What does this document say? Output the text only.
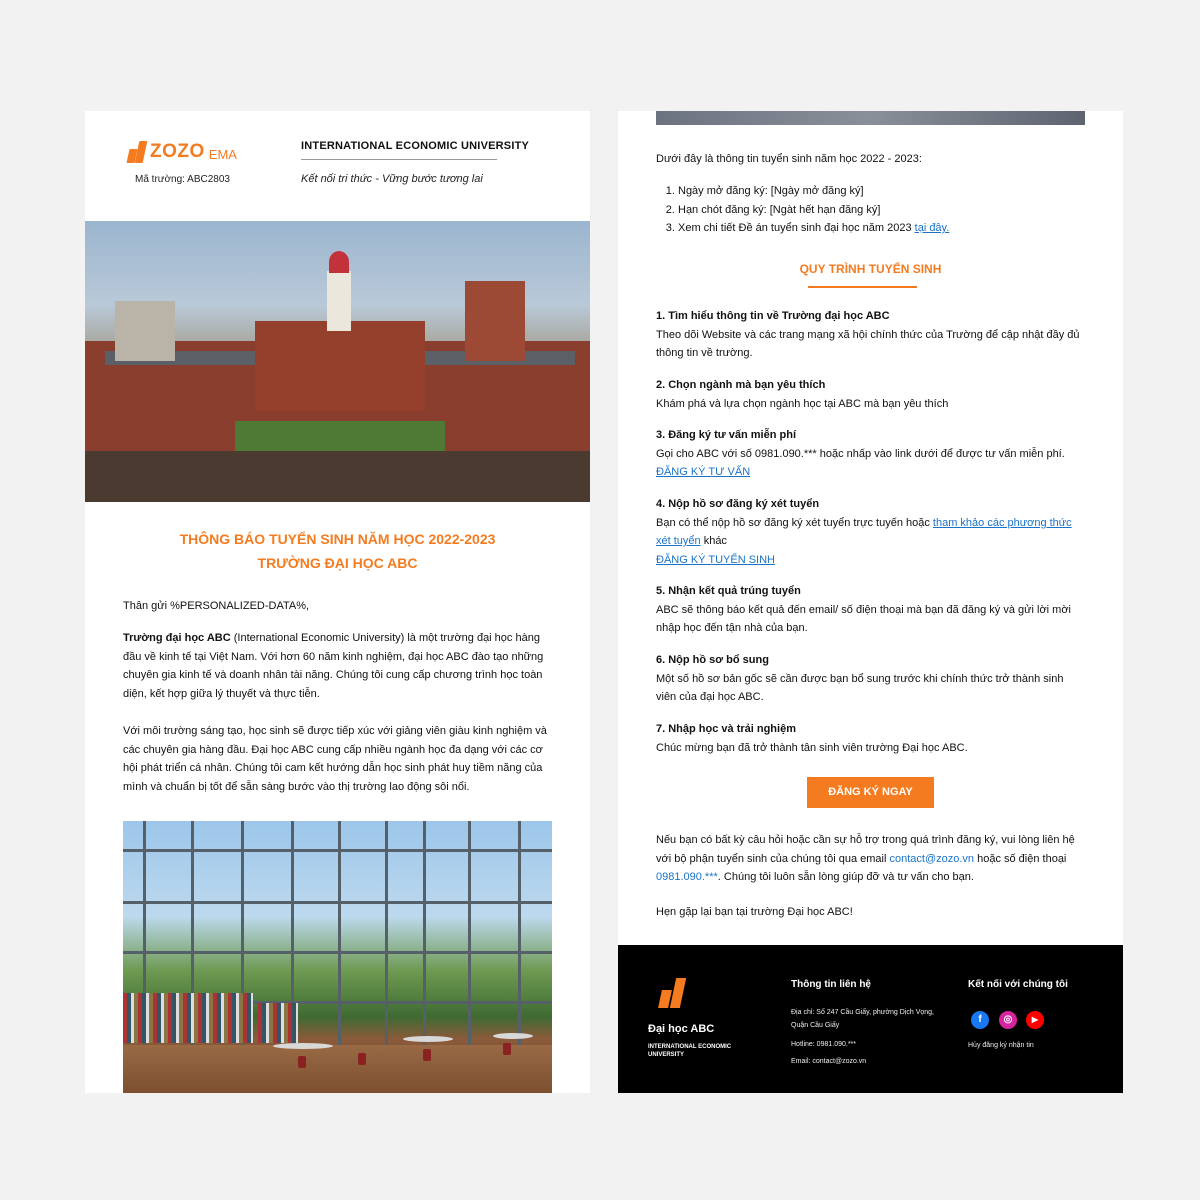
ZOZO EMA
Mã trường: ABC2803
INTERNATIONAL ECONOMIC UNIVERSITY
Kết nối tri thức - Vững bước tương lai
THÔNG BÁO TUYỂN SINH NĂM HỌC 2022-2023
TRƯỜNG ĐẠI HỌC ABC
Thân gửi %PERSONALIZED-DATA%,
Trường đại học ABC (International Economic University) là một trường đại học hàng đầu về kinh tế tại Việt Nam. Với hơn 60 năm kinh nghiệm, đại học ABC đào tạo những chuyên gia kinh tế và doanh nhân tài năng. Chúng tôi cung cấp chương trình học toàn diện, kết hợp giữa lý thuyết và thực tiễn.
Với môi trường sáng tạo, học sinh sẽ được tiếp xúc với giảng viên giàu kinh nghiệm và các chuyên gia hàng đầu. Đại học ABC cung cấp nhiều ngành học đa dạng với các cơ hội phát triển cá nhân. Chúng tôi cam kết hướng dẫn học sinh phát huy tiềm năng của mình và chuẩn bị tốt để sẵn sàng bước vào thị trường lao động sôi nổi.
Dưới đây là thông tin tuyển sinh năm học 2022 - 2023:
1. Ngày mở đăng ký: [Ngày mở đăng ký]
2. Hạn chót đăng ký: [Ngàt hết hạn đăng ký]
3. Xem chi tiết Đề án tuyển sinh đại học năm 2023 tại đây.
QUY TRÌNH TUYỂN SINH
1. Tìm hiểu thông tin về Trường đại học ABC
Theo dõi Website và các trang mạng xã hội chính thức của Trường để cập nhật đầy đủ thông tin về trường.
2. Chọn ngành mà bạn yêu thích
Khám phá và lựa chọn ngành học tại ABC mà bạn yêu thích
3. Đăng ký tư vấn miễn phí
Gọi cho ABC với số 0981.090.*** hoặc nhấp vào link dưới để được tư vấn miễn phí.
ĐĂNG KÝ TƯ VẤN
4. Nộp hồ sơ đăng ký xét tuyển
Bạn có thể nộp hồ sơ đăng ký xét tuyển trực tuyến hoặc tham khảo các phương thức xét tuyển khác
ĐĂNG KÝ TUYỂN SINH
5. Nhận kết quả trúng tuyển
ABC sẽ thông báo kết quả đến email/ số điện thoại mà bạn đã đăng ký và gửi lời mời nhập học đến tận nhà của bạn.
6. Nộp hồ sơ bổ sung
Một số hồ sơ bản gốc sẽ cần được bạn bổ sung trước khi chính thức trở thành sinh viên của đại học ABC.
7. Nhập học và trải nghiệm
Chúc mừng bạn đã trở thành tân sinh viên trường Đại học ABC.
ĐĂNG KÝ NGAY
Nếu bạn có bất kỳ câu hỏi hoặc cần sự hỗ trợ trong quá trình đăng ký, vui lòng liên hệ với bộ phận tuyển sinh của chúng tôi qua email contact@zozo.vn hoặc số điện thoại 0981.090.***. Chúng tôi luôn sẵn lòng giúp đỡ và tư vấn cho bạn.
Hẹn gặp lại bạn tại trường Đại học ABC!
Đại học ABC
INTERNATIONAL ECONOMIC UNIVERSITY
Thông tin liên hệ
Địa chỉ: Số 247 Cầu Giấy, phường Dịch Vọng, Quận Cầu Giấy
Hotline: 0981.090.***
Email: contact@zozo.vn
Kết nối với chúng tôi
f	◎	▶
Hủy đăng ký nhận tin
